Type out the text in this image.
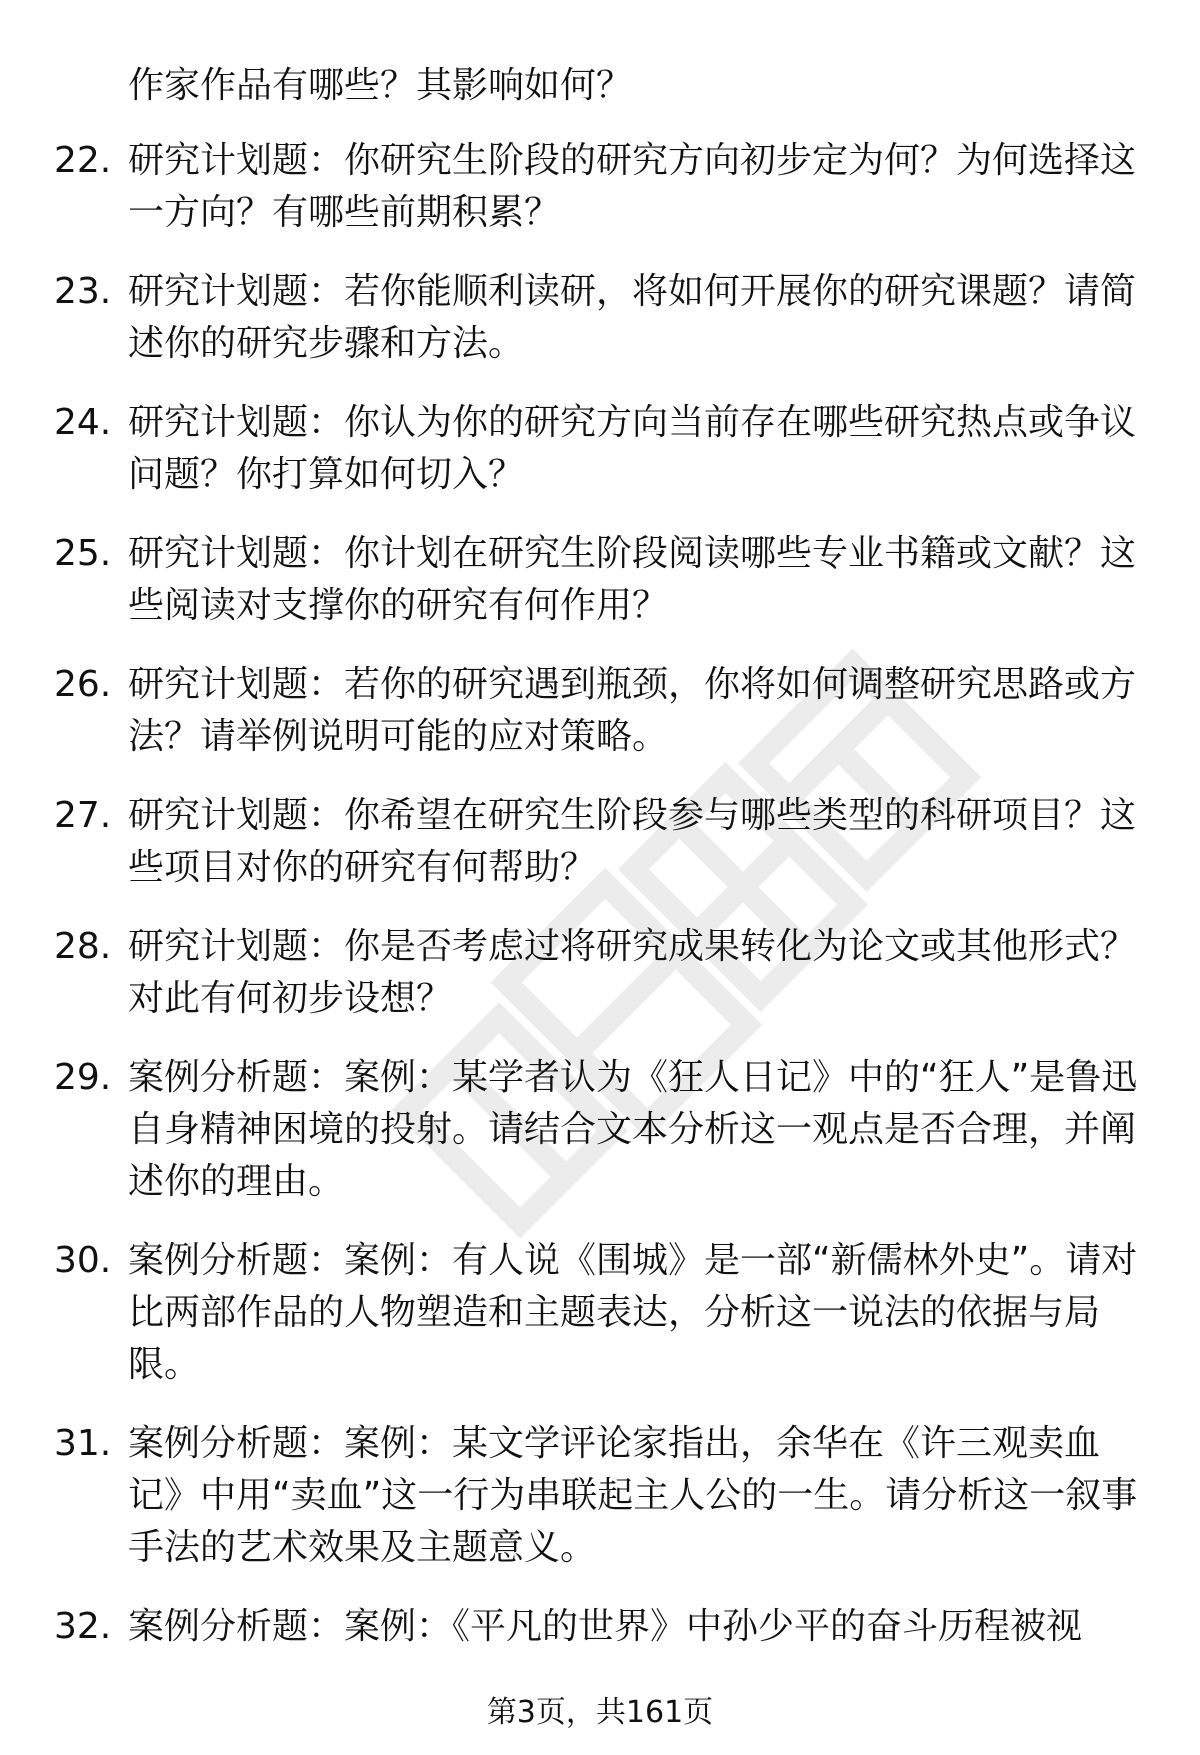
作家作品有哪些？其影响如何？

22. 研究计划题：你研究生阶段的研究方向初步定为何？为何选择这一方向？有哪些前期积累？
23. 研究计划题：若你能顺利读研，将如何开展你的研究课题？请简述你的研究步骤和方法。
24. 研究计划题：你认为你的研究方向当前存在哪些研究热点或争议问题？你打算如何切入？
25. 研究计划题：你计划在研究生阶段阅读哪些专业书籍或文献？这些阅读对支撑你的研究有何作用？
26. 研究计划题：若你的研究遇到瓶颈，你将如何调整研究思路或方法？请举例说明可能的应对策略。
27. 研究计划题：你希望在研究生阶段参与哪些类型的科研项目？这些项目对你的研究有何帮助？
28. 研究计划题：你是否考虑过将研究成果转化为论文或其他形式？对此有何初步设想？
29. 案例分析题：案例：某学者认为《狂人日记》中的“狂人”是鲁迅自身精神困境的投射。请结合文本分析这一观点是否合理，并阐述你的理由。
30. 案例分析题：案例：有人说《围城》是一部“新儒林外史”。请对比两部作品的人物塑造和主题表达，分析这一说法的依据与局限。
31. 案例分析题：案例：某文学评论家指出，余华在《许三观卖血记》中用“卖血”这一行为串联起主人公的一生。请分析这一叙事手法的艺术效果及主题意义。
32. 案例分析题：案例：《平凡的世界》中孙少平的奋斗历程被视

第3页，共161页
